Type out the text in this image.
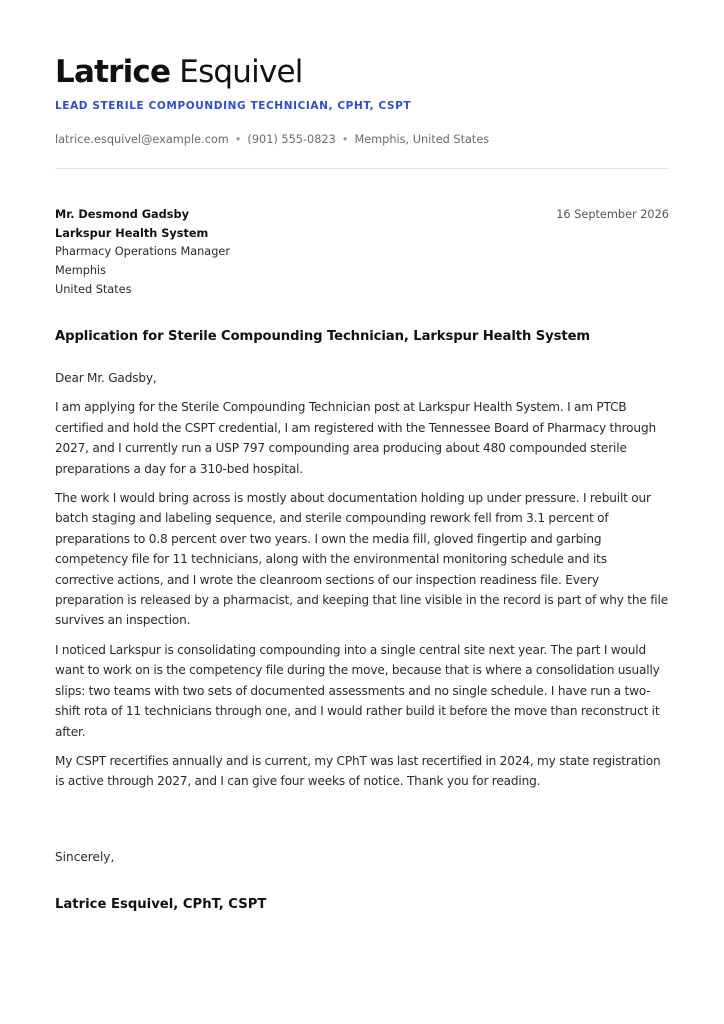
Latrice Esquivel
LEAD STERILE COMPOUNDING TECHNICIAN, CPHT, CSPT
latrice.esquivel@example.com • (901) 555-0823 • Memphis, United States
Mr. Desmond Gadsby
Larkspur Health System
Pharmacy Operations Manager
Memphis
United States
16 September 2026
Application for Sterile Compounding Technician, Larkspur Health System

Dear Mr. Gadsby,

I am applying for the Sterile Compounding Technician post at Larkspur Health System. I am PTCB certified and hold the CSPT credential, I am registered with the Tennessee Board of Pharmacy through 2027, and I currently run a USP 797 compounding area producing about 480 compounded sterile preparations a day for a 310-bed hospital.

The work I would bring across is mostly about documentation holding up under pressure. I rebuilt our batch staging and labeling sequence, and sterile compounding rework fell from 3.1 percent of preparations to 0.8 percent over two years. I own the media fill, gloved fingertip and garbing competency file for 11 technicians, along with the environmental monitoring schedule and its corrective actions, and I wrote the cleanroom sections of our inspection readiness file. Every preparation is released by a pharmacist, and keeping that line visible in the record is part of why the file survives an inspection.

I noticed Larkspur is consolidating compounding into a single central site next year. The part I would want to work on is the competency file during the move, because that is where a consolidation usually slips: two teams with two sets of documented assessments and no single schedule. I have run a two-shift rota of 11 technicians through one, and I would rather build it before the move than reconstruct it after.

My CSPT recertifies annually and is current, my CPhT was last recertified in 2024, my state registration is active through 2027, and I can give four weeks of notice. Thank you for reading.

Sincerely,
Latrice Esquivel, CPhT, CSPT
